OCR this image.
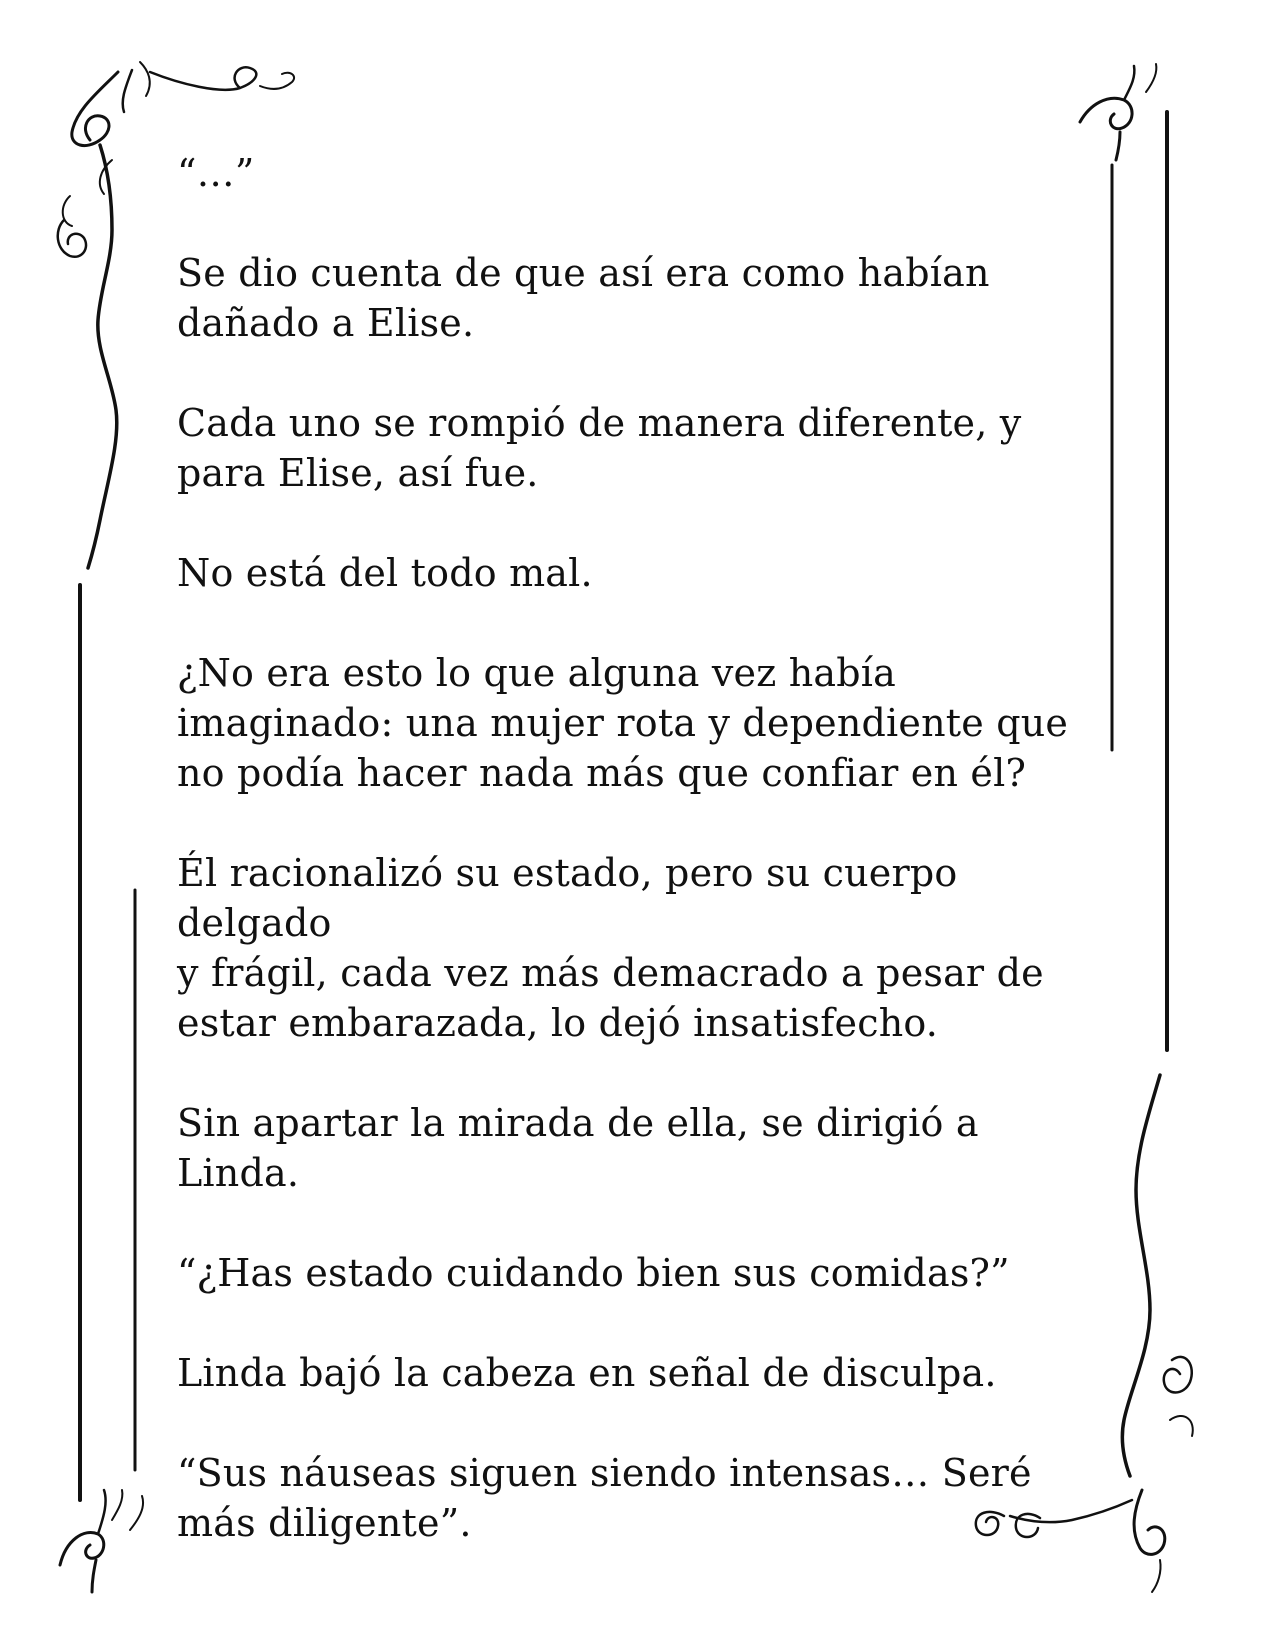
“…”

Se dio cuenta de que así era como habían
dañado a Elise.

Cada uno se rompió de manera diferente, y
para Elise, así fue.

No está del todo mal.

¿No era esto lo que alguna vez había
imaginado: una mujer rota y dependiente que
no podía hacer nada más que confiar en él?

Él racionalizó su estado, pero su cuerpo delgado
y frágil, cada vez más demacrado a pesar de
estar embarazada, lo dejó insatisfecho.

Sin apartar la mirada de ella, se dirigió a
Linda.

“¿Has estado cuidando bien sus comidas?”

Linda bajó la cabeza en señal de disculpa.

“Sus náuseas siguen siendo intensas… Seré
más diligente”.
